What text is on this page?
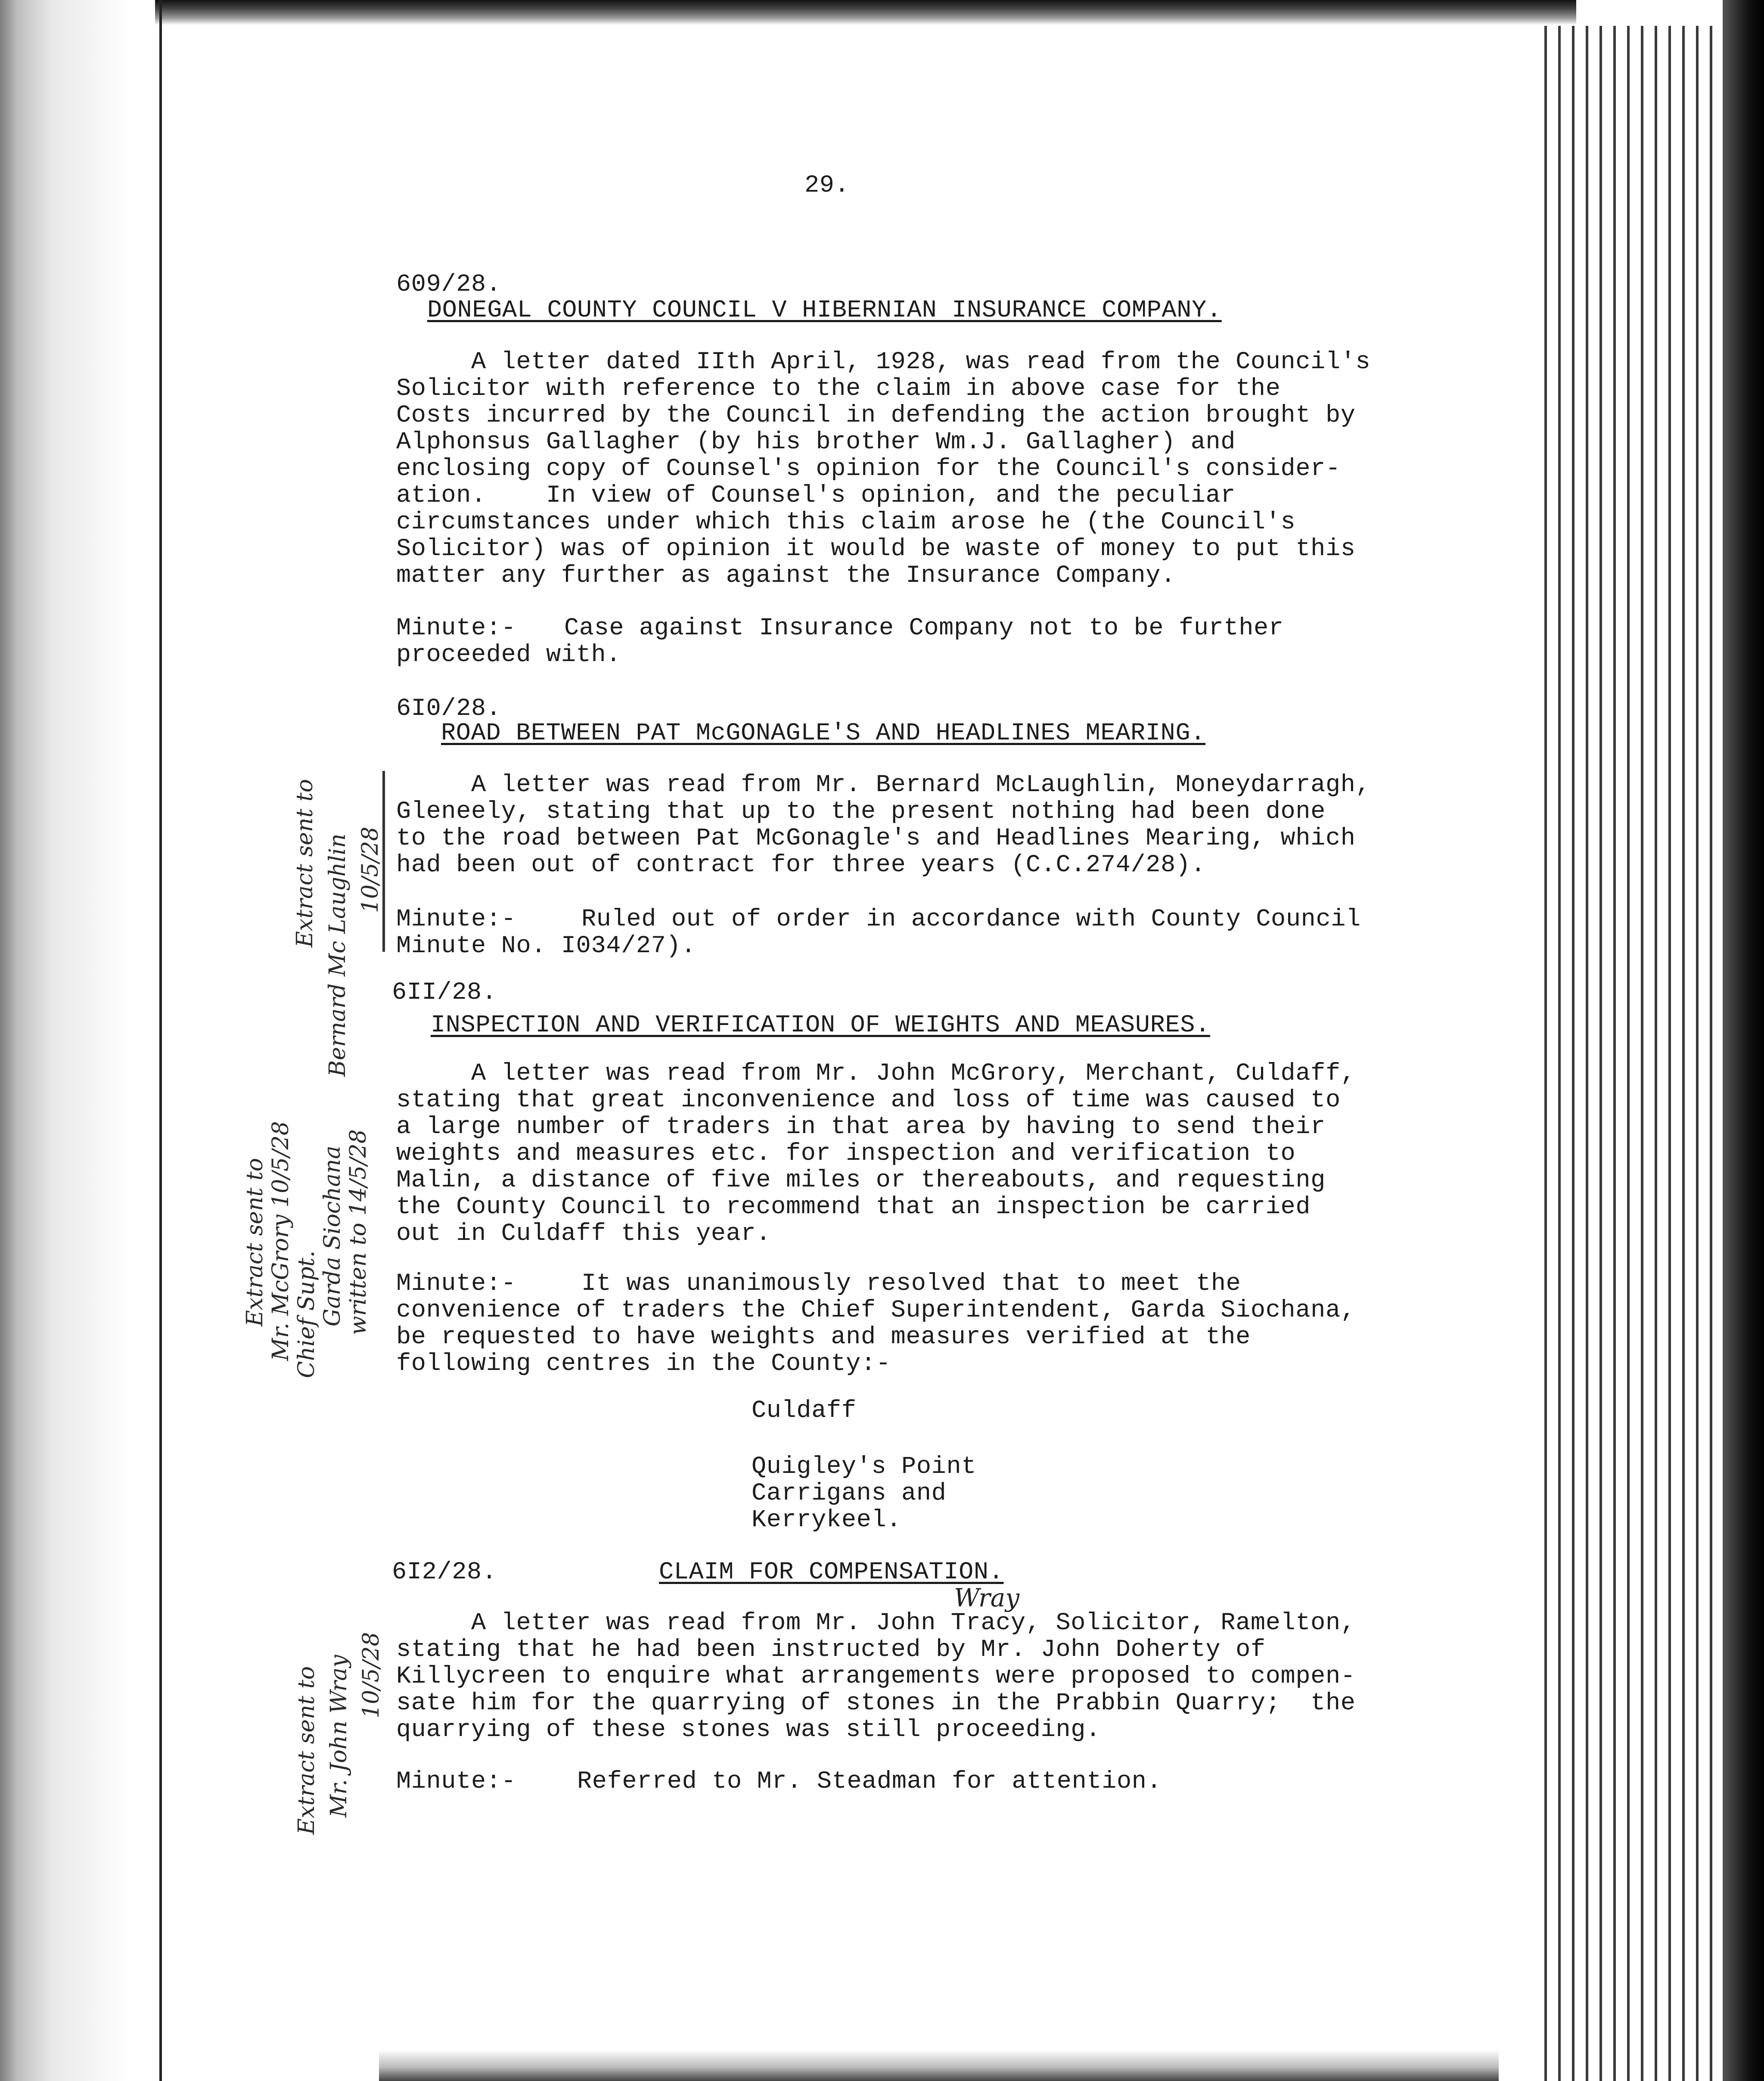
29.

609/28.

DONEGAL COUNTY COUNCIL V HIBERNIAN INSURANCE COMPANY.

A letter dated IIth April, 1928, was read from the Council's
Solicitor with reference to the claim in above case for the
Costs incurred by the Council in defending the action brought by
Alphonsus Gallagher (by his brother Wm.J. Gallagher) and
enclosing copy of Counsel's opinion for the Council's consider-
ation.    In view of Counsel's opinion, and the peculiar
circumstances under which this claim arose he (the Council's
Solicitor) was of opinion it would be waste of money to put this
matter any further as against the Insurance Company.

Minute:- Case against Insurance Company not to be further

proceeded with.

6I0/28.

ROAD BETWEEN PAT McGONAGLE'S AND HEADLINES MEARING.

A letter was read from Mr. Bernard McLaughlin, Moneydarragh,
Gleneely, stating that up to the present nothing had been done
to the road between Pat McGonagle's and Headlines Mearing, which
had been out of contract for three years (C.C.274/28).

Minute:-	Ruled out of order in accordance with County Council

Minute No. I034/27).

6II/28.

INSPECTION AND VERIFICATION OF WEIGHTS AND MEASURES.

A letter was read from Mr. John McGrory, Merchant, Culdaff,
stating that great inconvenience and loss of time was caused to
a large number of traders in that area by having to send their
weights and measures etc. for inspection and verification to
Malin, a distance of five miles or thereabouts, and requesting
the County Council to recommend that an inspection be carried
out in Culdaff this year.

Minute:-	It was unanimously resolved that to meet the

convenience of traders the Chief Superintendent, Garda Siochana,
be requested to have weights and measures verified at the
following centres in the County:-

Culdaff

Quigley's Point

Carrigans and

Kerrykeel.

6I2/28.	CLAIM FOR COMPENSATION.

Wray
A letter was read from Mr. John Tracy, Solicitor, Ramelton,
stating that he had been instructed by Mr. John Doherty of
Killycreen to enquire what arrangements were proposed to compen-
sate him for the quarrying of stones in the Prabbin Quarry;  the
quarrying of these stones was still proceeding.

Minute:- Referred to Mr. Steadman for attention.

Extract sent to Bernard Mc Laughlin 10/5/28
Extract sent to Mr. McGrory 10/5/28 Chief Supt. Garda Siochana written to 14/5/28
Extract sent to Mr. John Wray 10/5/28
